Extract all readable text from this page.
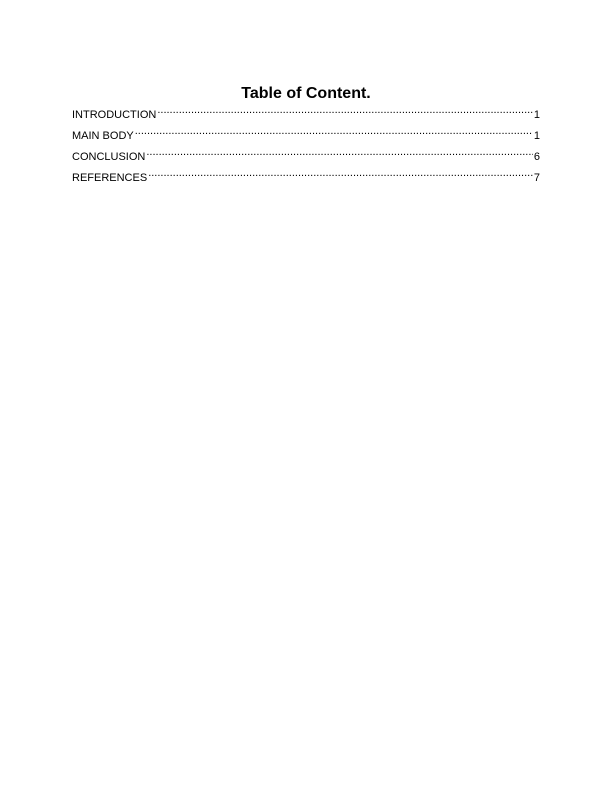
Table of Content.
INTRODUCTION .....	1
MAIN BODY .....	1
CONCLUSION .....	6
REFERENCES .....	7
